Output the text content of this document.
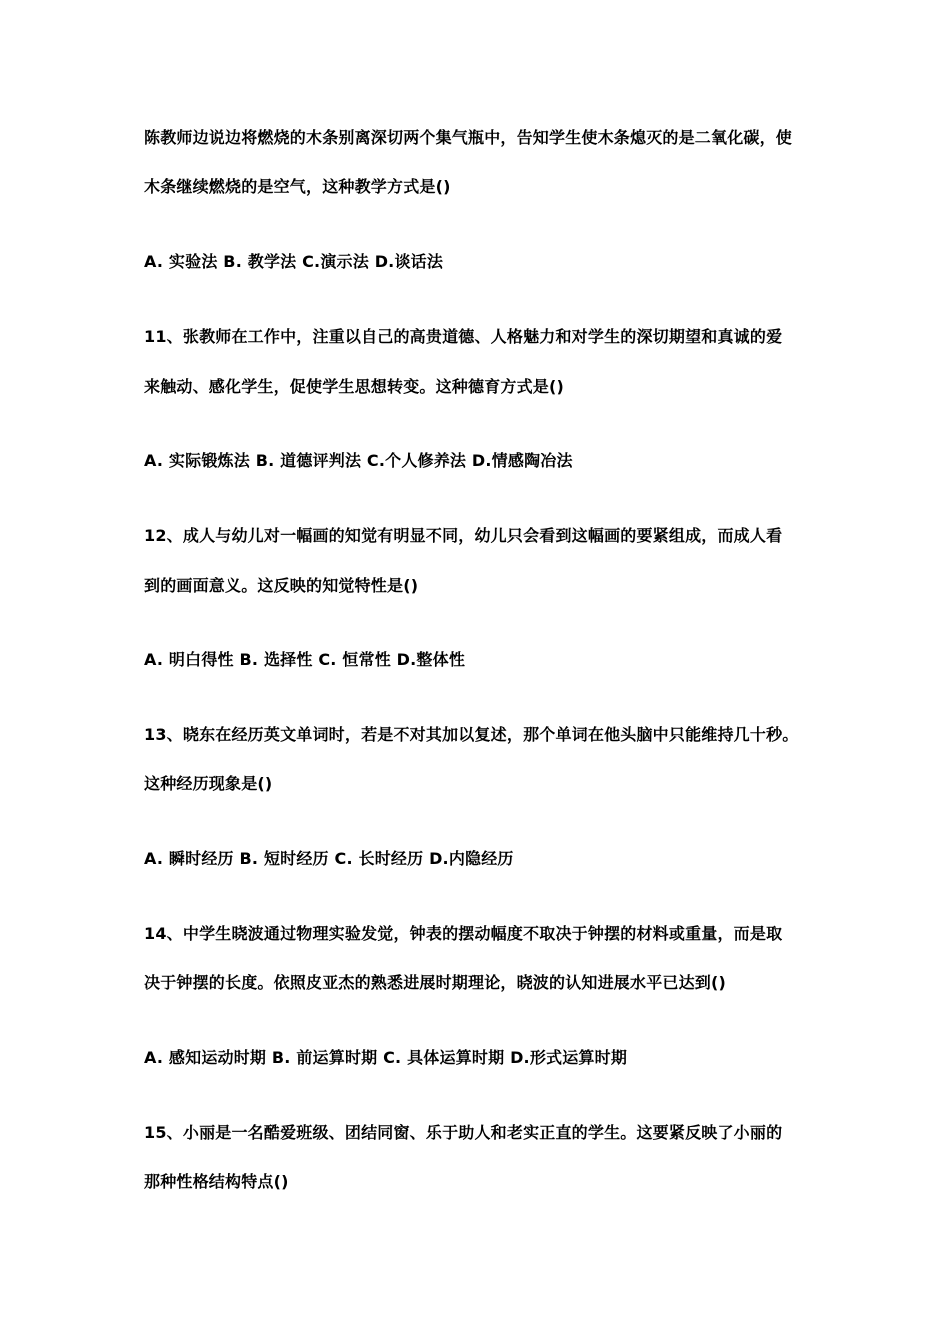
陈教师边说边将燃烧的木条别离深切两个集气瓶中，告知学生使木条熄灭的是二氧化碳，使
木条继续燃烧的是空气，这种教学方式是()
A. 实验法 B. 教学法 C.演示法 D.谈话法
11、张教师在工作中，注重以自己的高贵道德、人格魅力和对学生的深切期望和真诚的爱
来触动、感化学生，促使学生思想转变。这种德育方式是()
A. 实际锻炼法 B. 道德评判法 C.个人修养法 D.情感陶冶法
12、成人与幼儿对一幅画的知觉有明显不同，幼儿只会看到这幅画的要紧组成，而成人看
到的画面意义。这反映的知觉特性是()
A. 明白得性 B. 选择性 C. 恒常性 D.整体性
13、晓东在经历英文单词时，若是不对其加以复述，那个单词在他头脑中只能维持几十秒。
这种经历现象是()
A. 瞬时经历 B. 短时经历 C. 长时经历 D.内隐经历
14、中学生晓波通过物理实验发觉，钟表的摆动幅度不取决于钟摆的材料或重量，而是取
决于钟摆的长度。依照皮亚杰的熟悉进展时期理论，晓波的认知进展水平已达到()
A. 感知运动时期 B. 前运算时期 C. 具体运算时期 D.形式运算时期
15、小丽是一名酷爱班级、团结同窗、乐于助人和老实正直的学生。这要紧反映了小丽的
那种性格结构特点()
